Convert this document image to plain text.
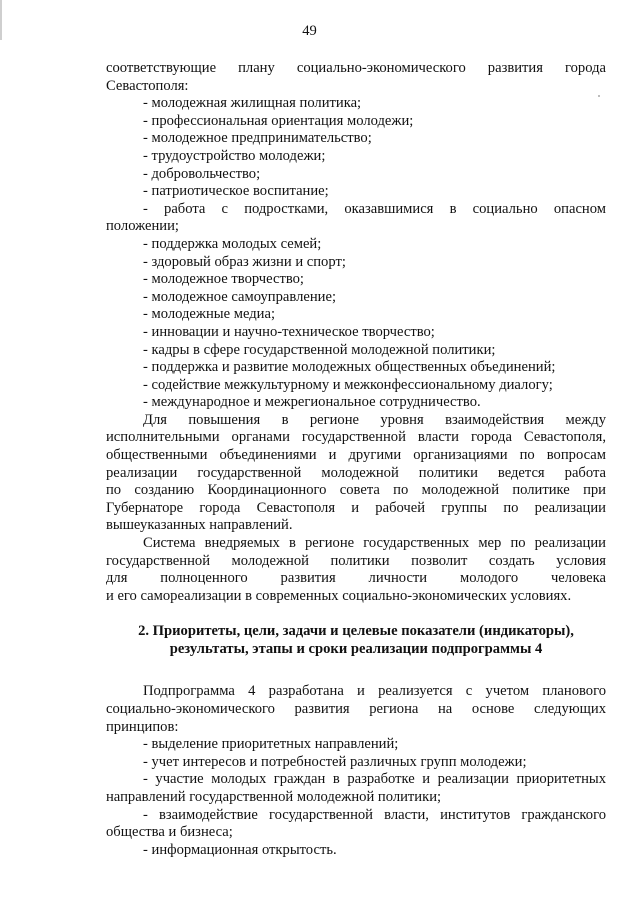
49
соответствующие плану социально-экономического развития города
Севастополя:
- молодежная жилищная политика;
- профессиональная ориентация молодежи;
- молодежное предпринимательство;
- трудоустройство молодежи;
- добровольчество;
- патриотическое воспитание;
- работа с подростками, оказавшимися в социально опасном
положении;
- поддержка молодых семей;
- здоровый образ жизни и спорт;
- молодежное творчество;
- молодежное самоуправление;
- молодежные медиа;
- инновации и научно-техническое творчество;
- кадры в сфере государственной молодежной политики;
- поддержка и развитие молодежных общественных объединений;
- содействие межкультурному и межконфессиональному диалогу;
- международное и межрегиональное сотрудничество.
Для повышения в регионе уровня взаимодействия между
исполнительными органами государственной власти города Севастополя,
общественными объединениями и другими организациями по вопросам
реализации государственной молодежной политики ведется работа
по созданию Координационного совета по молодежной политике при
Губернаторе города Севастополя и рабочей группы по реализации
вышеуказанных направлений.
Система внедряемых в регионе государственных мер по реализации
государственной молодежной политики позволит создать условия
для полноценного развития личности молодого человека
и его самореализации в современных социально-экономических условиях.
2. Приоритеты, цели, задачи и целевые показатели (индикаторы),
результаты, этапы и сроки реализации подпрограммы 4
Подпрограмма 4 разработана и реализуется с учетом планового
социально-экономического развития региона на основе следующих
принципов:
- выделение приоритетных направлений;
- учет интересов и потребностей различных групп молодежи;
- участие молодых граждан в разработке и реализации приоритетных
направлений государственной молодежной политики;
- взаимодействие государственной власти, институтов гражданского
общества и бизнеса;
- информационная открытость.
